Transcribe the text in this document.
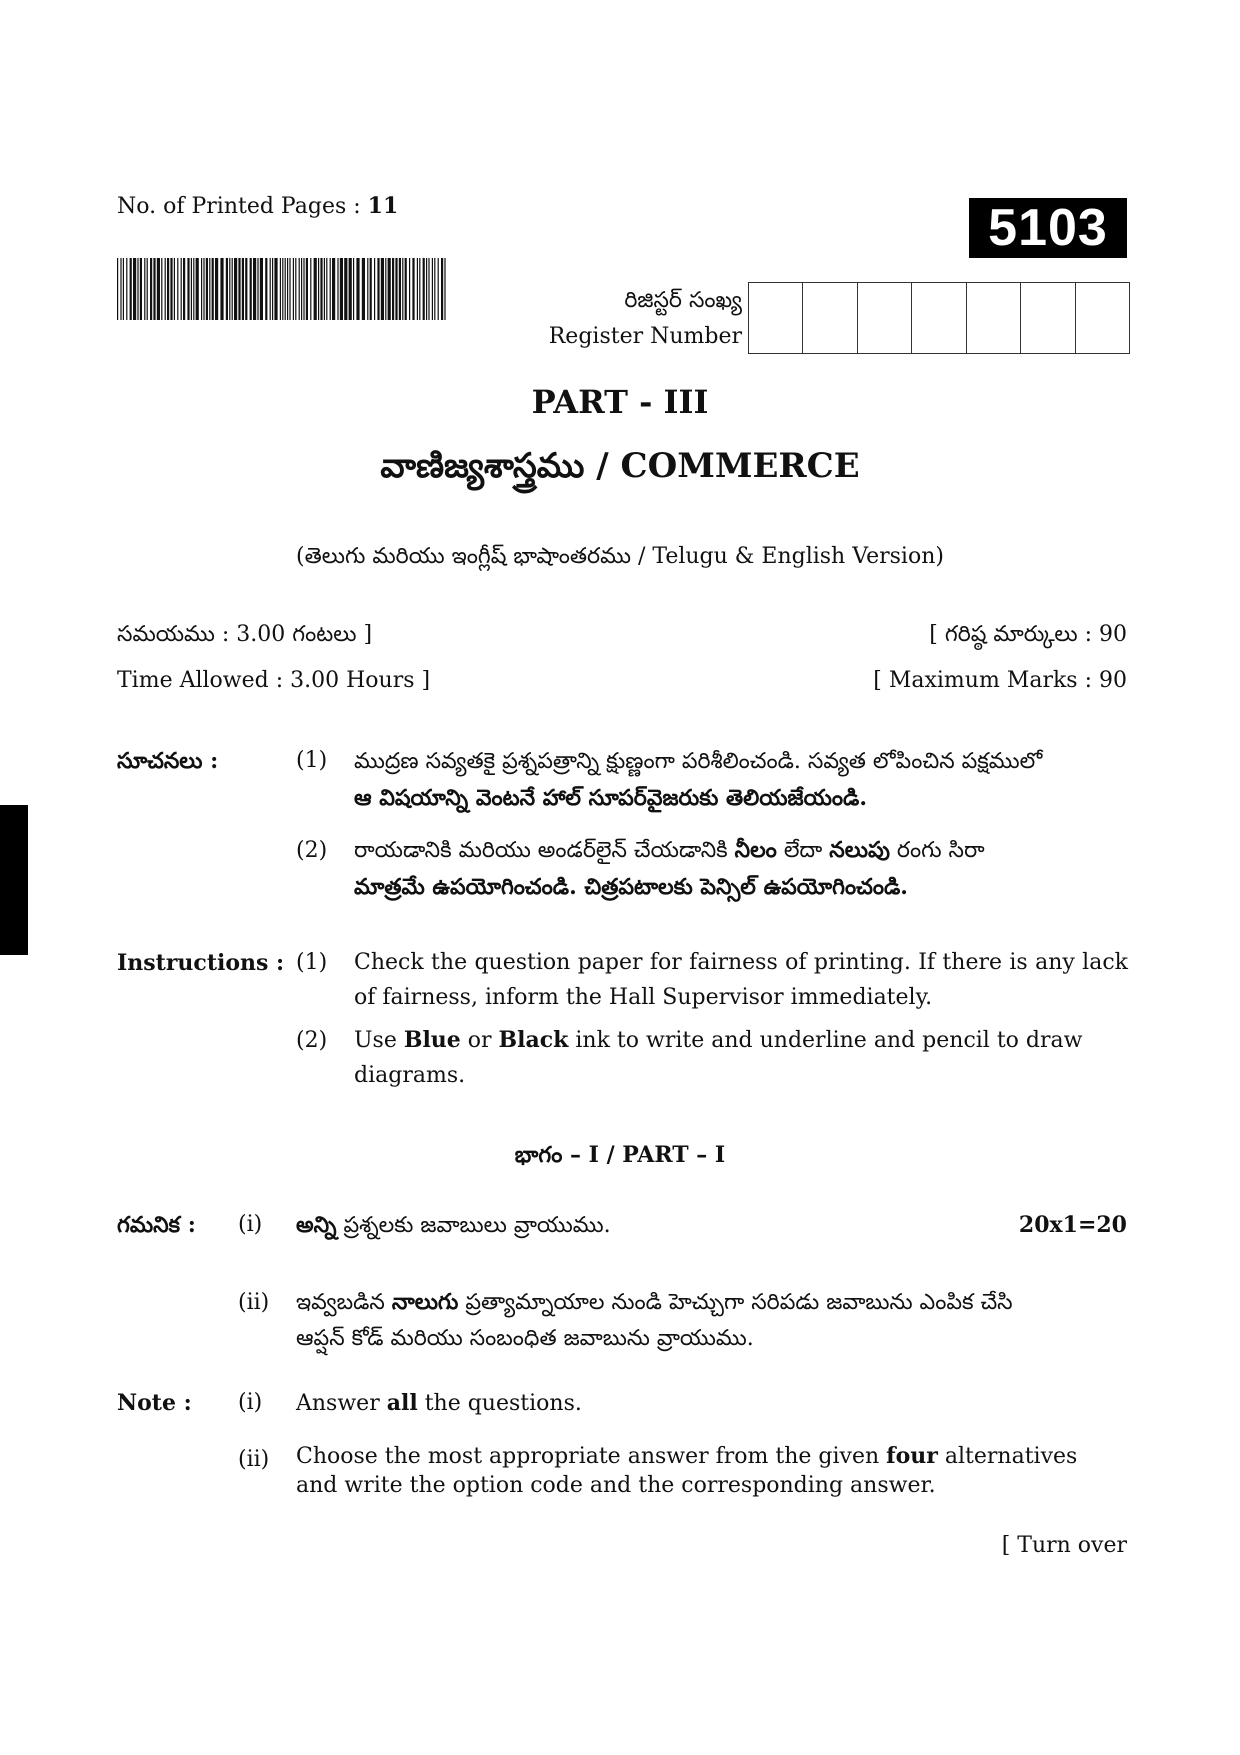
No. of Printed Pages : 11	5103
రిజిస్టర్ సంఖ్య
Register Number
PART - III
వాణిజ్యశాస్త్రము / COMMERCE
(తెలుగు మరియు ఇంగ్లీష్ భాషాంతరము / Telugu & English Version)
సమయము : 3.00 గంటలు ]	[ గరిష్ఠ మార్కులు : 90
Time Allowed : 3.00 Hours ]	[ Maximum Marks : 90
సూచనలు :	(1) ముద్రణ సవ్యతకై ప్రశ్నపత్రాన్ని క్షుణ్ణంగా పరిశీలించండి. సవ్యత లోపించిన పక్షములో
ఆ విషయాన్ని వెంటనే హాల్ సూపర్‌వైజరుకు తెలియజేయండి.
(2) రాయడానికి మరియు అండర్‌లైన్ చేయడానికి నీలం లేదా నలుపు రంగు సిరా
మాత్రమే ఉపయోగించండి. చిత్రపటాలకు పెన్సిల్ ఉపయోగించండి.
Instructions : (1) Check the question paper for fairness of printing. If there is any lack of fairness, inform the Hall Supervisor immediately.
(2) Use Blue or Black ink to write and underline and pencil to draw diagrams.
భాగం – I / PART – I
గమనిక : (i) అన్ని ప్రశ్నలకు జవాబులు వ్రాయుము.	20x1=20
(ii) ఇవ్వబడిన నాలుగు ప్రత్యామ్నాయాల నుండి హెచ్చుగా సరిపడు జవాబును ఎంపిక చేసి
ఆప్షన్ కోడ్ మరియు సంబంధిత జవాబును వ్రాయుము.
Note : (i) Answer all the questions.
(ii) Choose the most appropriate answer from the given four alternatives and write the option code and the corresponding answer.
[ Turn over
